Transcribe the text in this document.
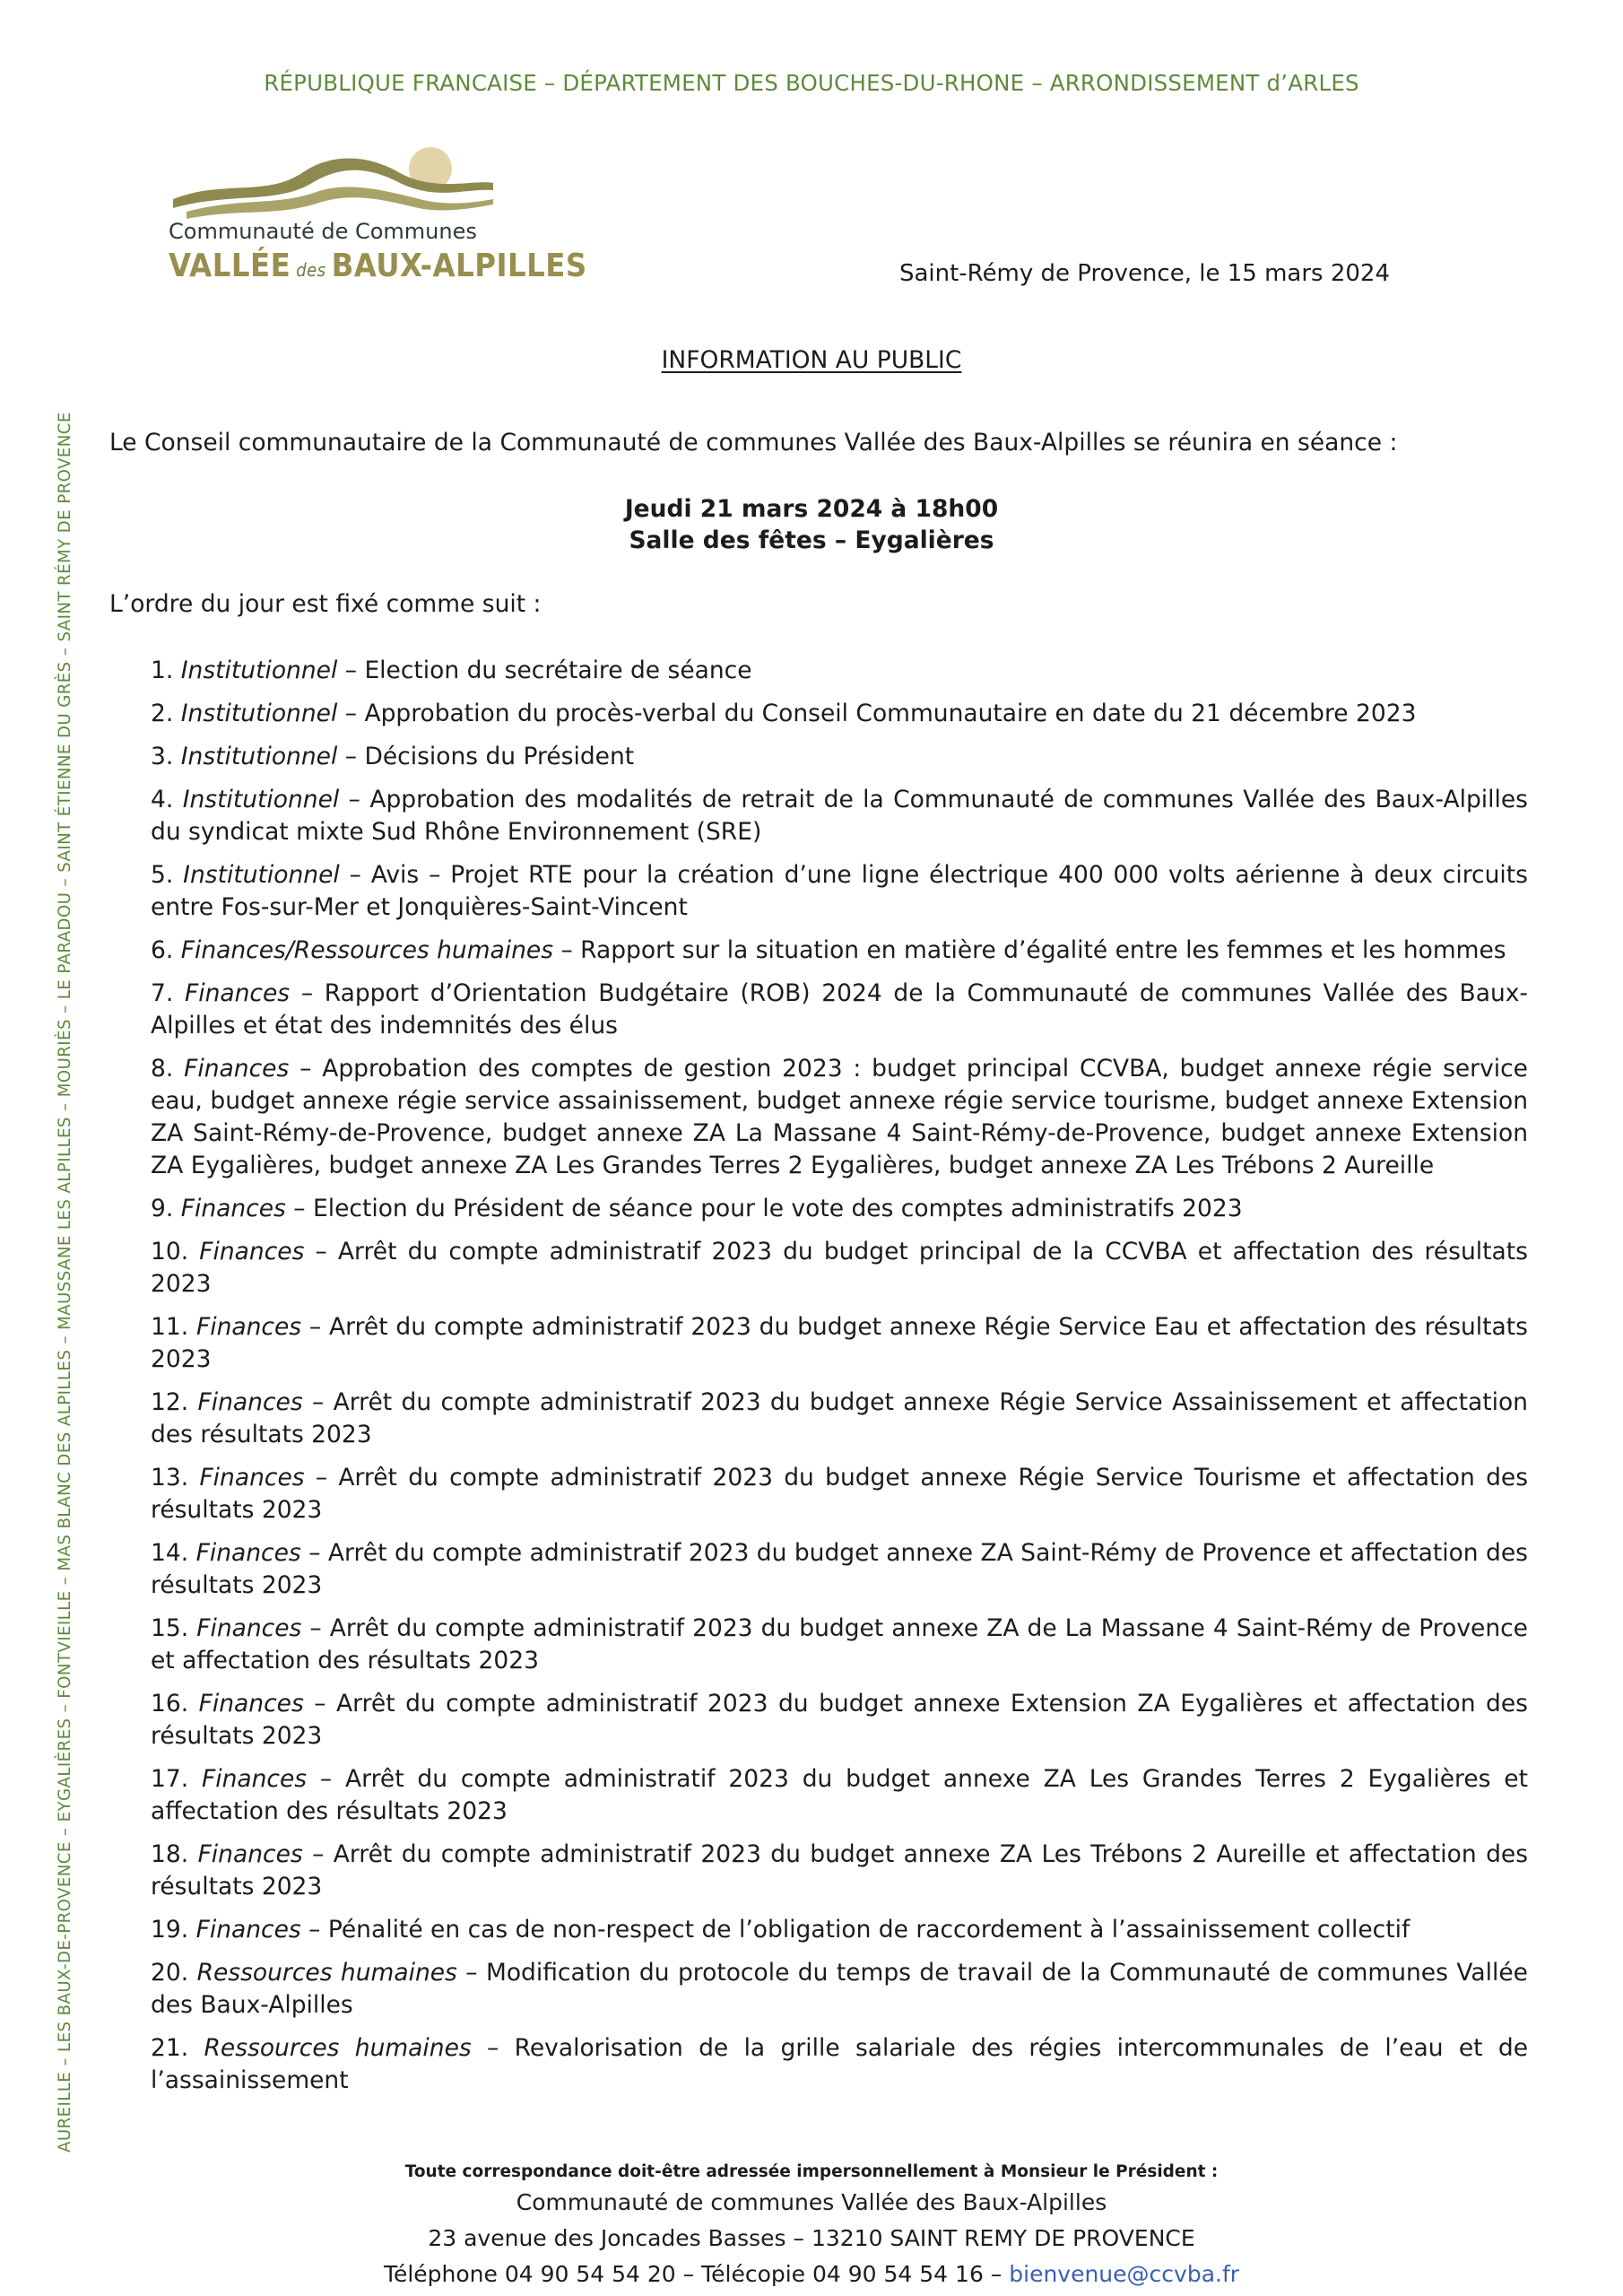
RÉPUBLIQUE FRANCAISE – DÉPARTEMENT DES BOUCHES-DU-RHONE – ARRONDISSEMENT d’ARLES
Communauté de Communes
VALLÉE des BAUX-ALPILLES	Saint-Rémy de Provence, le 15 mars 2024
INFORMATION AU PUBLIC
Le Conseil communautaire de la Communauté de communes Vallée des Baux-Alpilles se réunira en séance :
Jeudi 21 mars 2024 à 18h00
Salle des fêtes – Eygalières
L’ordre du jour est fixé comme suit :
AUREILLE – LES BAUX-DE-PROVENCE – EYGALIÈRES – FONTVIEILLE – MAS BLANC DES ALPILLES – MAUSSANE LES ALPILLES – MOURIÈS – LE PARADOU – SAINT ÉTIENNE DU GRÈS – SAINT RÉMY DE PROVENCE	1. Institutionnel – Election du secrétaire de séance
2. Institutionnel – Approbation du procès-verbal du Conseil Communautaire en date du 21 décembre 2023
3. Institutionnel – Décisions du Président
4. Institutionnel – Approbation des modalités de retrait de la Communauté de communes Vallée des Baux-Alpilles du syndicat mixte Sud Rhône Environnement (SRE)
5. Institutionnel – Avis – Projet RTE pour la création d’une ligne électrique 400 000 volts aérienne à deux circuits entre Fos-sur-Mer et Jonquières-Saint-Vincent
6. Finances/Ressources humaines – Rapport sur la situation en matière d’égalité entre les femmes et les hommes
7. Finances – Rapport d’Orientation Budgétaire (ROB) 2024 de la Communauté de communes Vallée des Baux-Alpilles et état des indemnités des élus
8. Finances – Approbation des comptes de gestion 2023 : budget principal CCVBA, budget annexe régie service eau, budget annexe régie service assainissement, budget annexe régie service tourisme, budget annexe Extension ZA Saint-Rémy-de-Provence, budget annexe ZA La Massane 4 Saint-Rémy-de-Provence, budget annexe Extension ZA Eygalières, budget annexe ZA Les Grandes Terres 2 Eygalières, budget annexe ZA Les Trébons 2 Aureille
9. Finances – Election du Président de séance pour le vote des comptes administratifs 2023
10. Finances – Arrêt du compte administratif 2023 du budget principal de la CCVBA et affectation des résultats 2023
11. Finances – Arrêt du compte administratif 2023 du budget annexe Régie Service Eau et affectation des résultats 2023
12. Finances – Arrêt du compte administratif 2023 du budget annexe Régie Service Assainissement et affectation des résultats 2023
13. Finances – Arrêt du compte administratif 2023 du budget annexe Régie Service Tourisme et affectation des résultats 2023
14. Finances – Arrêt du compte administratif 2023 du budget annexe ZA Saint-Rémy de Provence et affectation des résultats 2023
15. Finances – Arrêt du compte administratif 2023 du budget annexe ZA de La Massane 4 Saint-Rémy de Provence et affectation des résultats 2023
16. Finances – Arrêt du compte administratif 2023 du budget annexe Extension ZA Eygalières et affectation des résultats 2023
17. Finances – Arrêt du compte administratif 2023 du budget annexe ZA Les Grandes Terres 2 Eygalières et affectation des résultats 2023
18. Finances – Arrêt du compte administratif 2023 du budget annexe ZA Les Trébons 2 Aureille et affectation des résultats 2023
19. Finances – Pénalité en cas de non-respect de l’obligation de raccordement à l’assainissement collectif
20. Ressources humaines – Modification du protocole du temps de travail de la Communauté de communes Vallée des Baux-Alpilles
21. Ressources humaines – Revalorisation de la grille salariale des régies intercommunales de l’eau et de l’assainissement
Toute correspondance doit-être adressée impersonnellement à Monsieur le Président :
Communauté de communes Vallée des Baux-Alpilles
23 avenue des Joncades Basses – 13210 SAINT REMY DE PROVENCE
Téléphone 04 90 54 54 20 – Télécopie 04 90 54 54 16 – bienvenue@ccvba.fr
